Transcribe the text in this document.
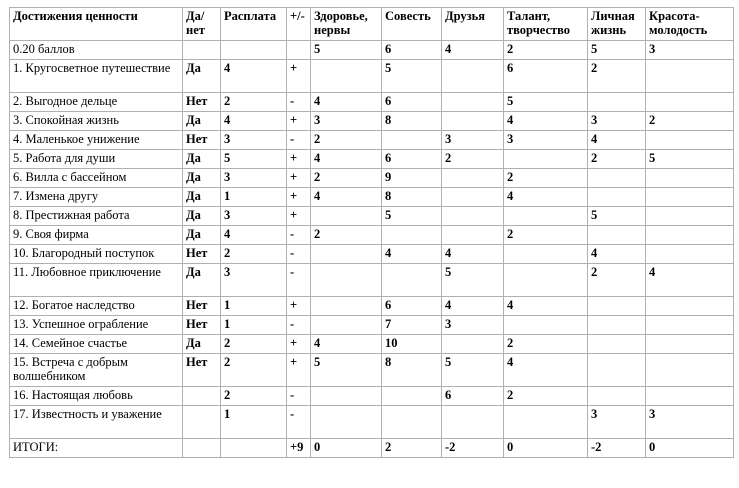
Достижения ценности	Да/ нет	Расплата	+/-	Здоровье, нервы	Совесть	Друзья	Талант, творчество	Личная жизнь	Красота-молодость
0.20 баллов				5	6	4	2	5	3
1. Кругосветное путешествие	Да	4	+		5		6	2	
2. Выгодное дельце	Нет	2	-	4	6		5		
3. Спокойная жизнь	Да	4	+	3	8		4	3	2
4. Маленькое унижение	Нет	3	-	2		3	3	4	
5. Работа для души	Да	5	+	4	6	2		2	5
6. Вилла с бассейном	Да	3	+	2	9		2		
7. Измена другу	Да	1	+	4	8		4		
8. Престижная работа	Да	3	+		5			5	
9. Своя фирма	Да	4	-	2			2		
10. Благородный поступок	Нет	2	-		4	4		4	
11. Любовное приключение	Да	3	-			5		2	4
12. Богатое наследство	Нет	1	+		6	4	4		
13. Успешное ограбление	Нет	1	-		7	3			
14. Семейное счастье	Да	2	+	4	10		2		
15. Встреча с добрым волшебником	Нет	2	+	5	8	5	4		
16. Настоящая любовь		2	-			6	2		
17. Известность и уважение		1	-					3	3
ИТОГИ:			+9	0	2	-2	0	-2	0
